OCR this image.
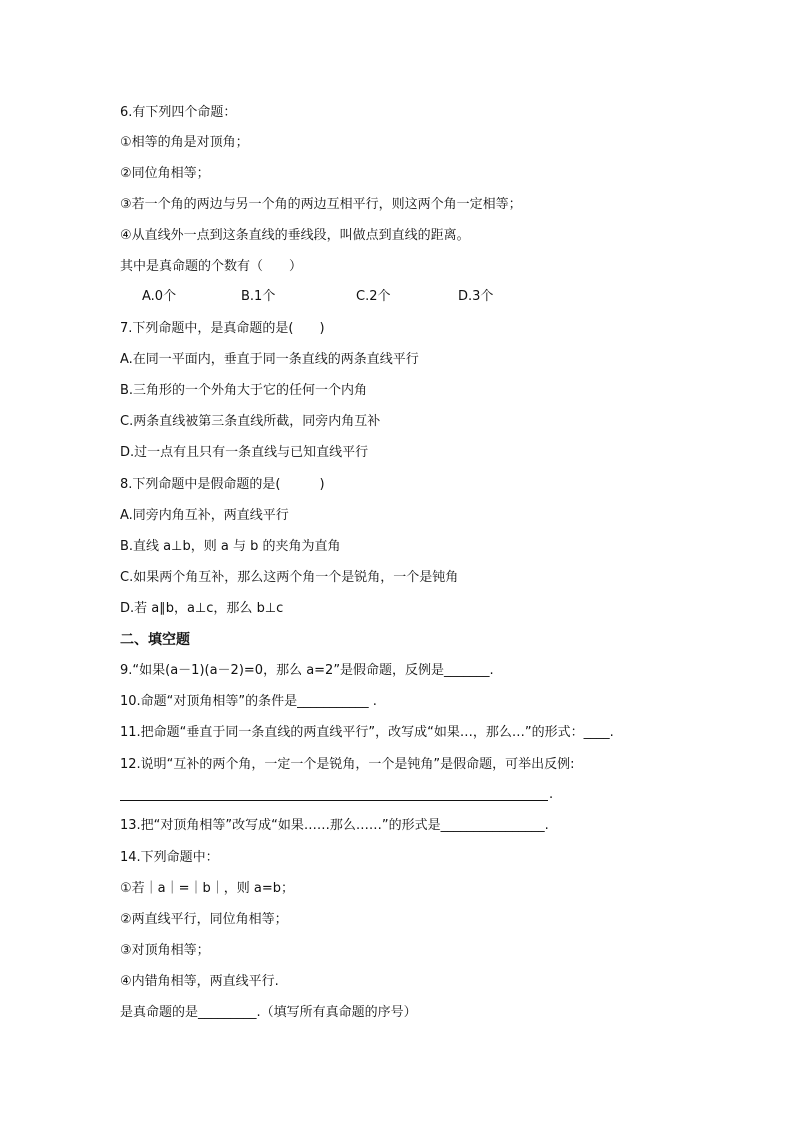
6.有下列四个命题：
①相等的角是对顶角；
②同位角相等；
③若一个角的两边与另一个角的两边互相平行，则这两个角一定相等；
④从直线外一点到这条直线的垂线段，叫做点到直线的距离。
其中是真命题的个数有（　　）
A.0个	B.1个	C.2个	D.3个
7.下列命题中，是真命题的是(　　)
A.在同一平面内，垂直于同一条直线的两条直线平行
B.三角形的一个外角大于它的任何一个内角
C.两条直线被第三条直线所截，同旁内角互补
D.过一点有且只有一条直线与已知直线平行
8.下列命题中是假命题的是(　　　)
A.同旁内角互补，两直线平行
B.直线 a⊥b，则 a 与 b 的夹角为直角
C.如果两个角互补，那么这两个角一个是锐角，一个是钝角
D.若 a∥b，a⊥c，那么 b⊥c
二、填空题
9.“如果(a－1)(a－2)=0，那么 a=2”是假命题，反例是_______.
10.命题“对顶角相等”的条件是___________ .
11.把命题“垂直于同一条直线的两直线平行”，改写成“如果…，那么…”的形式：____.
12.说明“互补的两个角，一定一个是锐角，一个是钝角”是假命题，可举出反例:
.
13.把“对顶角相等”改写成“如果……那么……”的形式是________________.
14.下列命题中：
①若｜a｜=｜b｜，则 a=b；
②两直线平行，同位角相等；
③对顶角相等；
④内错角相等，两直线平行.
是真命题的是_________.（填写所有真命题的序号）
